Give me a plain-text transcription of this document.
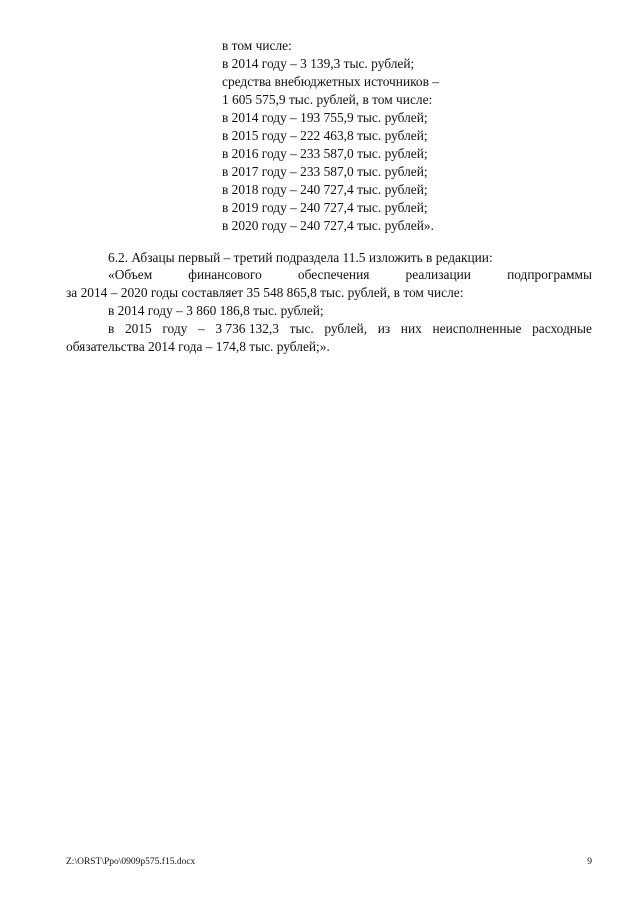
в том числе:
в 2014 году – 3 139,3 тыс. рублей;
средства внебюджетных источников –
1 605 575,9 тыс. рублей, в том числе:
в 2014 году – 193 755,9 тыс. рублей;
в 2015 году – 222 463,8 тыс. рублей;
в 2016 году – 233 587,0 тыс. рублей;
в 2017 году – 233 587,0 тыс. рублей;
в 2018 году – 240 727,4 тыс. рублей;
в 2019 году – 240 727,4 тыс. рублей;
в 2020 году – 240 727,4 тыс. рублей».
6.2. Абзацы первый – третий подраздела 11.5 изложить в редакции:
«Объем	финансового	обеспечения	реализации	подпрограммы
за 2014 – 2020 годы составляет 35 548 865,8 тыс. рублей, в том числе:
в 2014 году – 3 860 186,8 тыс. рублей;
в 2015 году – 3 736 132,3 тыс. рублей, из них неисполненные расходные
обязательства 2014 года – 174,8 тыс. рублей;».
Z:\ORST\Ppo\0909p575.f15.docx	9
